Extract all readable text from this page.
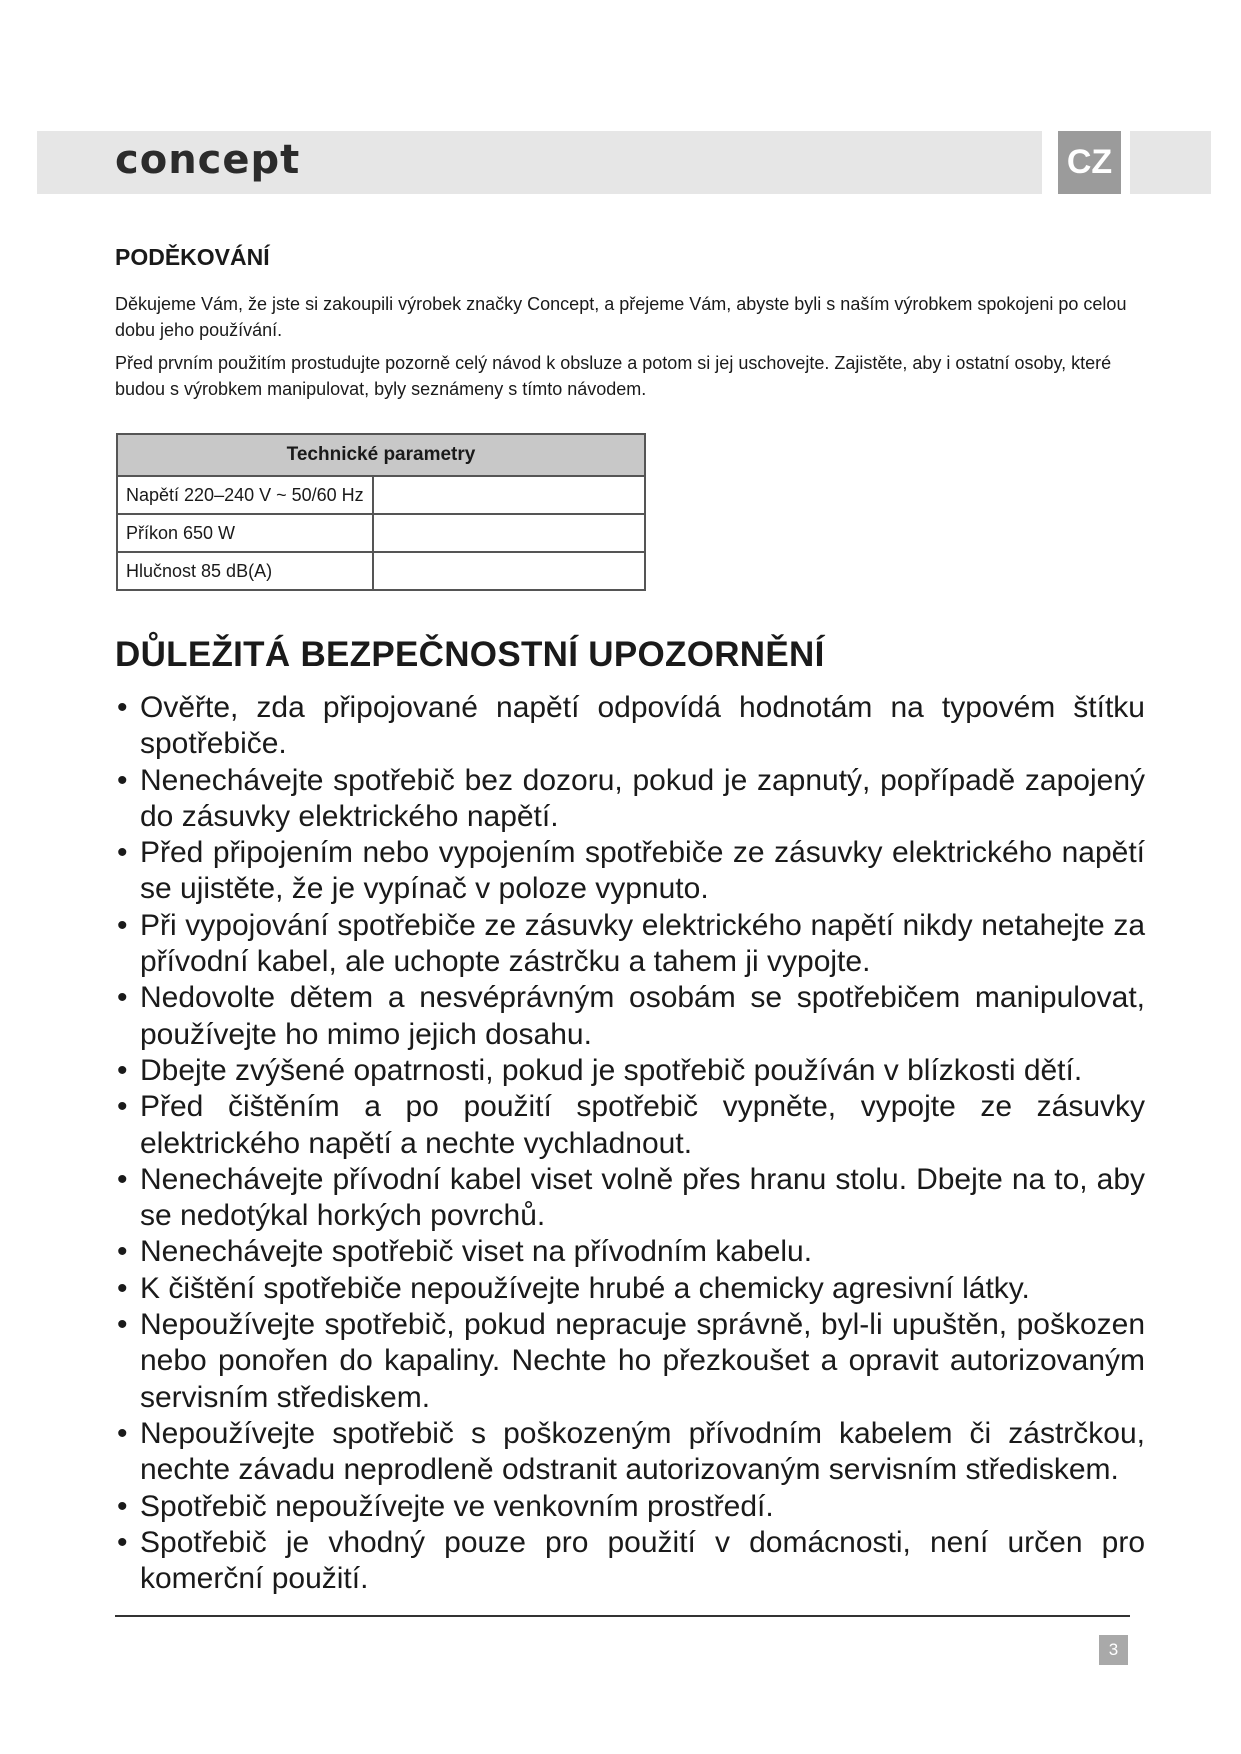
concept	CZ
PODĚKOVÁNÍ

Děkujeme Vám, že jste si zakoupili výrobek značky Concept, a přejeme Vám, abyste byli s naším výrobkem spokojeni po celou dobu jeho používání.

Před prvním použitím prostudujte pozorně celý návod k obsluze a potom si jej uschovejte. Zajistěte, aby i ostatní osoby, které budou s výrobkem manipulovat, byly seznámeny s tímto návodem.

Technické parametry	
Napětí 220–240 V ~ 50/60 Hz	
Příkon 650 W	
Hlučnost 85 dB(A)	
DŮLEŽITÁ BEZPEČNOSTNÍ UPOZORNĚNÍ
• Ověřte, zda připojované napětí odpovídá hodnotám na typovém štítku spotřebiče.
• Nenechávejte spotřebič bez dozoru, pokud je zapnutý, popřípadě zapojený do zásuvky elektrického napětí.
• Před připojením nebo vypojením spotřebiče ze zásuvky elektrického napětí se ujistěte, že je vypínač v poloze vypnuto.
• Při vypojování spotřebiče ze zásuvky elektrického napětí nikdy netahejte za přívodní kabel, ale uchopte zástrčku a tahem ji vypojte.
• Nedovolte dětem a nesvéprávným osobám se spotřebičem manipulovat, používejte ho mimo jejich dosahu.
• Dbejte zvýšené opatrnosti, pokud je spotřebič používán v blízkosti dětí.
• Před čištěním a po použití spotřebič vypněte, vypojte ze zásuvky elektrického napětí a nechte vychladnout.
• Nenechávejte přívodní kabel viset volně přes hranu stolu. Dbejte na to, aby se nedotýkal horkých povrchů.
• Nenechávejte spotřebič viset na přívodním kabelu.
• K čištění spotřebiče nepoužívejte hrubé a chemicky agresivní látky.
• Nepoužívejte spotřebič, pokud nepracuje správně, byl-li upuštěn, poškozen nebo ponořen do kapaliny. Nechte ho přezkoušet a opravit autorizovaným servisním střediskem.
• Nepoužívejte spotřebič s poškozeným přívodním kabelem či zástrčkou, nechte závadu neprodleně odstranit autorizovaným servisním střediskem.
• Spotřebič nepoužívejte ve venkovním prostředí.
• Spotřebič je vhodný pouze pro použití v domácnosti, není určen pro komerční použití.
3
